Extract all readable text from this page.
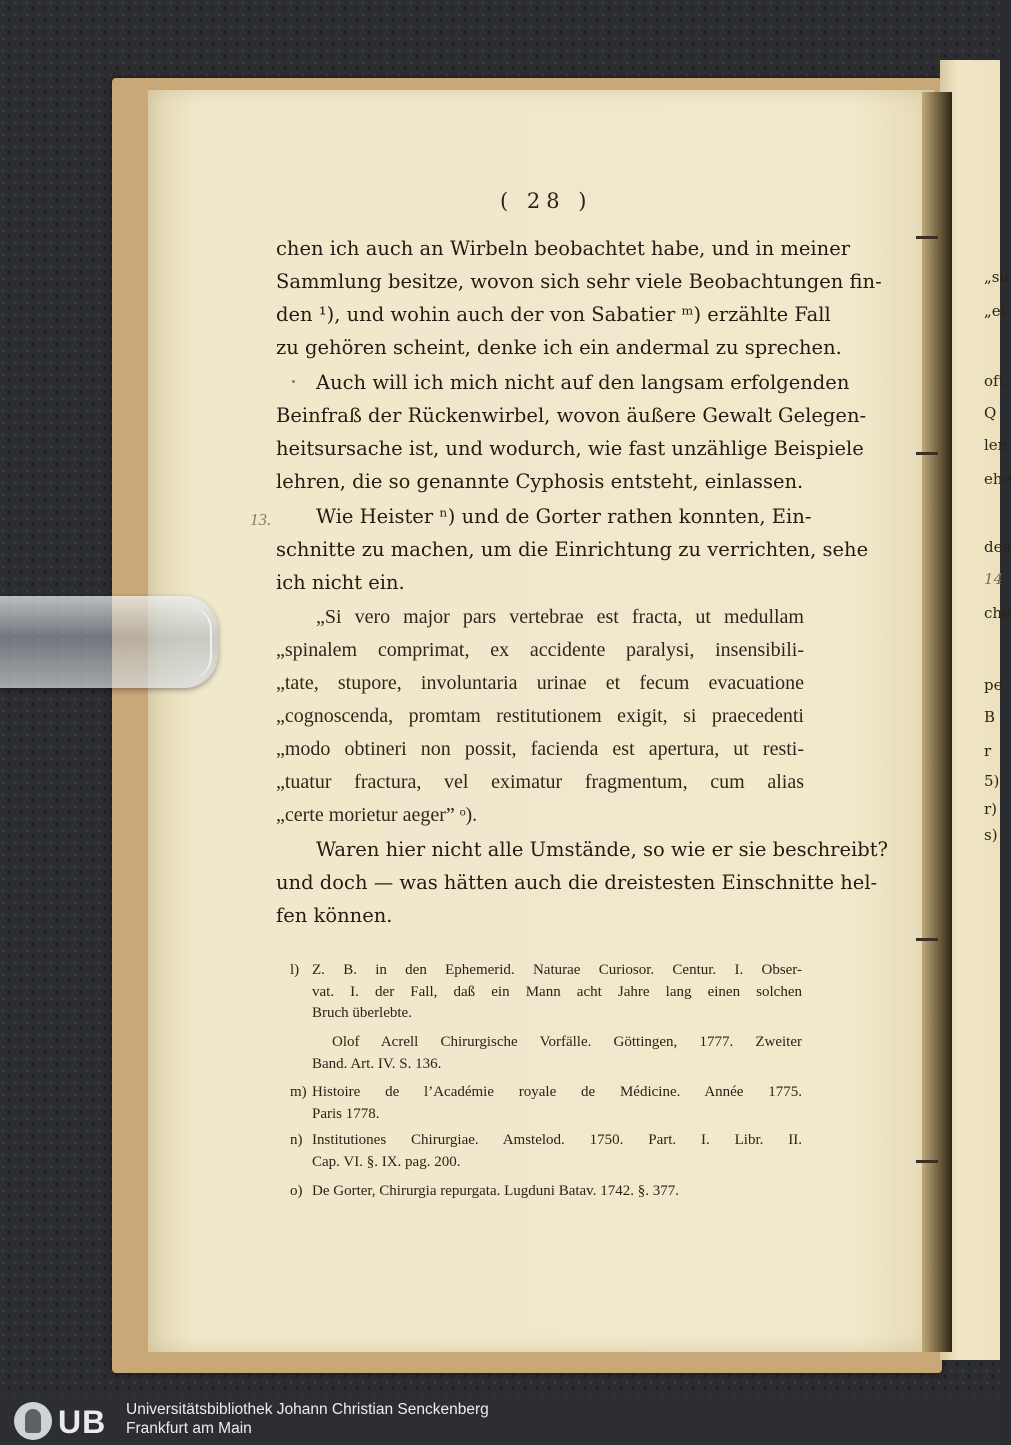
( 28 )
chen ich auch an Wirbeln beobachtet habe, und in meiner
Sammlung besitze, wovon sich sehr viele Beobachtungen fin-
den ¹), und wohin auch der von Sabatier ᵐ) erzählte Fall
zu gehören scheint, denke ich ein andermal zu sprechen.
Auch will ich mich nicht auf den langsam erfolgenden
Beinfraß der Rückenwirbel, wovon äußere Gewalt Gelegen-
heitsursache ist, und wodurch, wie fast unzählige Beispiele
lehren, die so genannte Cyphosis entsteht, einlassen.
13.	Wie Heister ⁿ) und de Gorter rathen konnten, Ein-
schnitte zu machen, um die Einrichtung zu verrichten, sehe
ich nicht ein.
„Si vero major pars vertebrae est fracta, ut medullam
„spinalem comprimat, ex accidente paralysi, insensibili-
„tate, stupore, involuntaria urinae et fecum evacuatione
„cognoscenda, promtam restitutionem exigit, si praecedenti
„modo obtineri non possit, facienda est apertura, ut resti-
„tuatur fractura, vel eximatur fragmentum, cum alias
„certe morietur aeger” ᵒ).
Waren hier nicht alle Umstände, so wie er sie beschreibt?
und doch — was hätten auch die dreistesten Einschnitte hel-
fen können.
l) Z. B. in den Ephemerid. Naturae Curiosor. Centur. I. Obser-
vat. I. der Fall, daß ein Mann acht Jahre lang einen solchen
Bruch überlebte.
Olof Acrell Chirurgische Vorfälle. Göttingen, 1777. Zweiter
Band. Art. IV. S. 136.
m) Histoire de l’Académie royale de Médicine. Année 1775.
Paris 1778.
n) Institutiones Chirurgiae. Amstelod. 1750. Part. I. Libr. II.
Cap. VI. §. IX. pag. 200.
o) De Gorter, Chirurgia repurgata. Lugduni Batav. 1742. §. 377.
„su
„et
oft
Q
len
ehe
des
14
che
pe
B
r
5)
r)
s)
UB Universitätsbibliothek Johann Christian Senckenberg
Frankfurt am Main
